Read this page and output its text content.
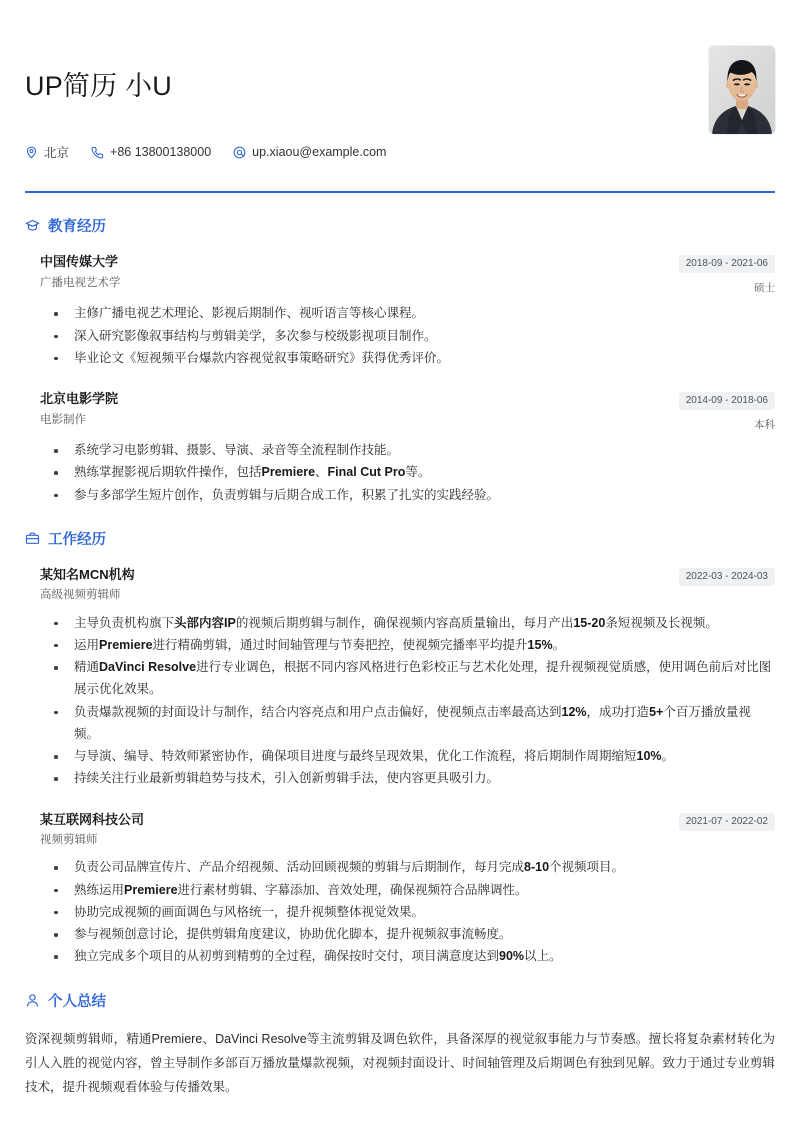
UP简历 小U
北京	+86 13800138000	up.xiaou@example.com
教育经历
中国传媒大学
广播电视艺术学
2018-09 - 2021-06
硕士
主修广播电视艺术理论、影视后期制作、视听语言等核心课程。
深入研究影像叙事结构与剪辑美学，多次参与校级影视项目制作。
毕业论文《短视频平台爆款内容视觉叙事策略研究》获得优秀评价。
北京电影学院
电影制作
2014-09 - 2018-06
本科
系统学习电影剪辑、摄影、导演、录音等全流程制作技能。
熟练掌握影视后期软件操作，包括Premiere、Final Cut Pro等。
参与多部学生短片创作，负责剪辑与后期合成工作，积累了扎实的实践经验。
工作经历
某知名MCN机构
高级视频剪辑师
2022-03 - 2024-03
主导负责机构旗下头部内容IP的视频后期剪辑与制作，确保视频内容高质量输出，每月产出15-20条短视频及长视频。
运用Premiere进行精确剪辑，通过时间轴管理与节奏把控，使视频完播率平均提升15%。
精通DaVinci Resolve进行专业调色，根据不同内容风格进行色彩校正与艺术化处理，提升视频视觉质感，使用调色前后对比图展示优化效果。
负责爆款视频的封面设计与制作，结合内容亮点和用户点击偏好，使视频点击率最高达到12%，成功打造5+个百万播放量视频。
与导演、编导、特效师紧密协作，确保项目进度与最终呈现效果，优化工作流程，将后期制作周期缩短10%。
持续关注行业最新剪辑趋势与技术，引入创新剪辑手法，使内容更具吸引力。
某互联网科技公司
视频剪辑师
2021-07 - 2022-02
负责公司品牌宣传片、产品介绍视频、活动回顾视频的剪辑与后期制作，每月完成8-10个视频项目。
熟练运用Premiere进行素材剪辑、字幕添加、音效处理，确保视频符合品牌调性。
协助完成视频的画面调色与风格统一，提升视频整体视觉效果。
参与视频创意讨论，提供剪辑角度建议，协助优化脚本，提升视频叙事流畅度。
独立完成多个项目的从初剪到精剪的全过程，确保按时交付，项目满意度达到90%以上。
个人总结

资深视频剪辑师，精通Premiere、DaVinci Resolve等主流剪辑及调色软件，具备深厚的视觉叙事能力与节奏感。擅长将复杂素材转化为引人入胜的视觉内容，曾主导制作多部百万播放量爆款视频，对视频封面设计、时间轴管理及后期调色有独到见解。致力于通过专业剪辑技术，提升视频观看体验与传播效果。
